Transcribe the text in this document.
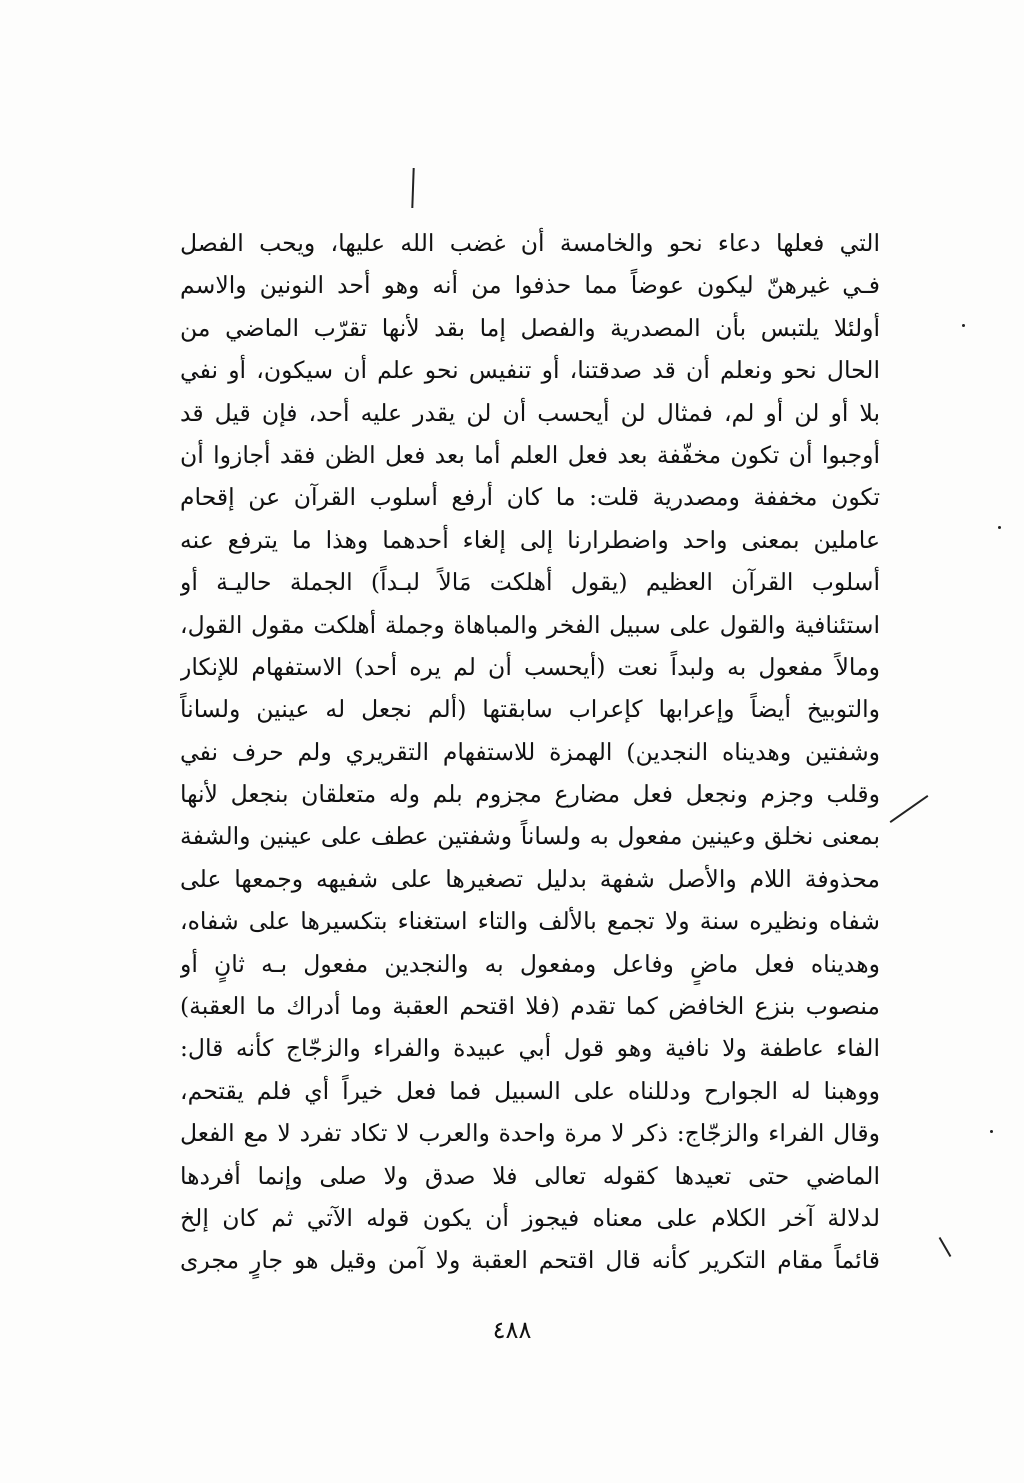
التي فعلها دعاء نحو والخامسة أن غضب الله عليها، ويحب الفصل
فـي غيرهنّ ليكون عوضاً مما حذفوا من أنه وهو أحد النونين والاسم
أولئلا يلتبس بأن المصدرية والفصل إما بقد لأنها تقرّب الماضي من
الحال نحو ونعلم أن قد صدقتنا، أو تنفيس نحو علم أن سيكون، أو نفي
بلا أو لن أو لم، فمثال لن أيحسب أن لن يقدر عليه أحد، فإن قيل قد
أوجبوا أن تكون مخفّفة بعد فعل العلم أما بعد فعل الظن فقد أجازوا أن
تكون مخففة ومصدرية قلت: ما كان أرفع أسلوب القرآن عن إقحام
عاملين بمعنى واحد واضطرارنا إلى إلغاء أحدهما وهذا ما يترفع عنه
أسلوب القرآن العظيم (يقول أهلكت مَالاً لبـداً) الجملة حاليـة أو
استئنافية والقول على سبيل الفخر والمباهاة وجملة أهلكت مقول القول،
ومالاً مفعول به ولبداً نعت (أيحسب أن لم يره أحد) الاستفهام للإنكار
والتوبيخ أيضاً وإعرابها كإعراب سابقتها (ألم نجعل له عينين ولساناً
وشفتين وهديناه النجدين) الهمزة للاستفهام التقريري ولم حرف نفي
وقلب وجزم ونجعل فعل مضارع مجزوم بلم وله متعلقان بنجعل لأنها
بمعنى نخلق وعينين مفعول به ولساناً وشفتين عطف على عينين والشفة
محذوفة اللام والأصل شفهة بدليل تصغيرها على شفيهه وجمعها على
شفاه ونظيره سنة ولا تجمع بالألف والتاء استغناء بتكسيرها على شفاه،
وهديناه فعل ماضٍ وفاعل ومفعول به والنجدين مفعول بـه ثانٍ أو
منصوب بنزع الخافض كما تقدم (فلا اقتحم العقبة وما أدراك ما العقبة)
الفاء عاطفة ولا نافية وهو قول أبي عبيدة والفراء والزجّاج كأنه قال:
ووهبنا له الجوارح ودللناه على السبيل فما فعل خيراً أي فلم يقتحم،
وقال الفراء والزجّاج: ذكر لا مرة واحدة والعرب لا تكاد تفرد لا مع الفعل
الماضي حتى تعيدها كقوله تعالى فلا صدق ولا صلى وإنما أفردها
لدلالة آخر الكلام على معناه فيجوز أن يكون قوله الآتي ثم كان إلخ
قائماً مقام التكرير كأنه قال اقتحم العقبة ولا آمن وقيل هو جارٍ مجرى
٤٨٨
